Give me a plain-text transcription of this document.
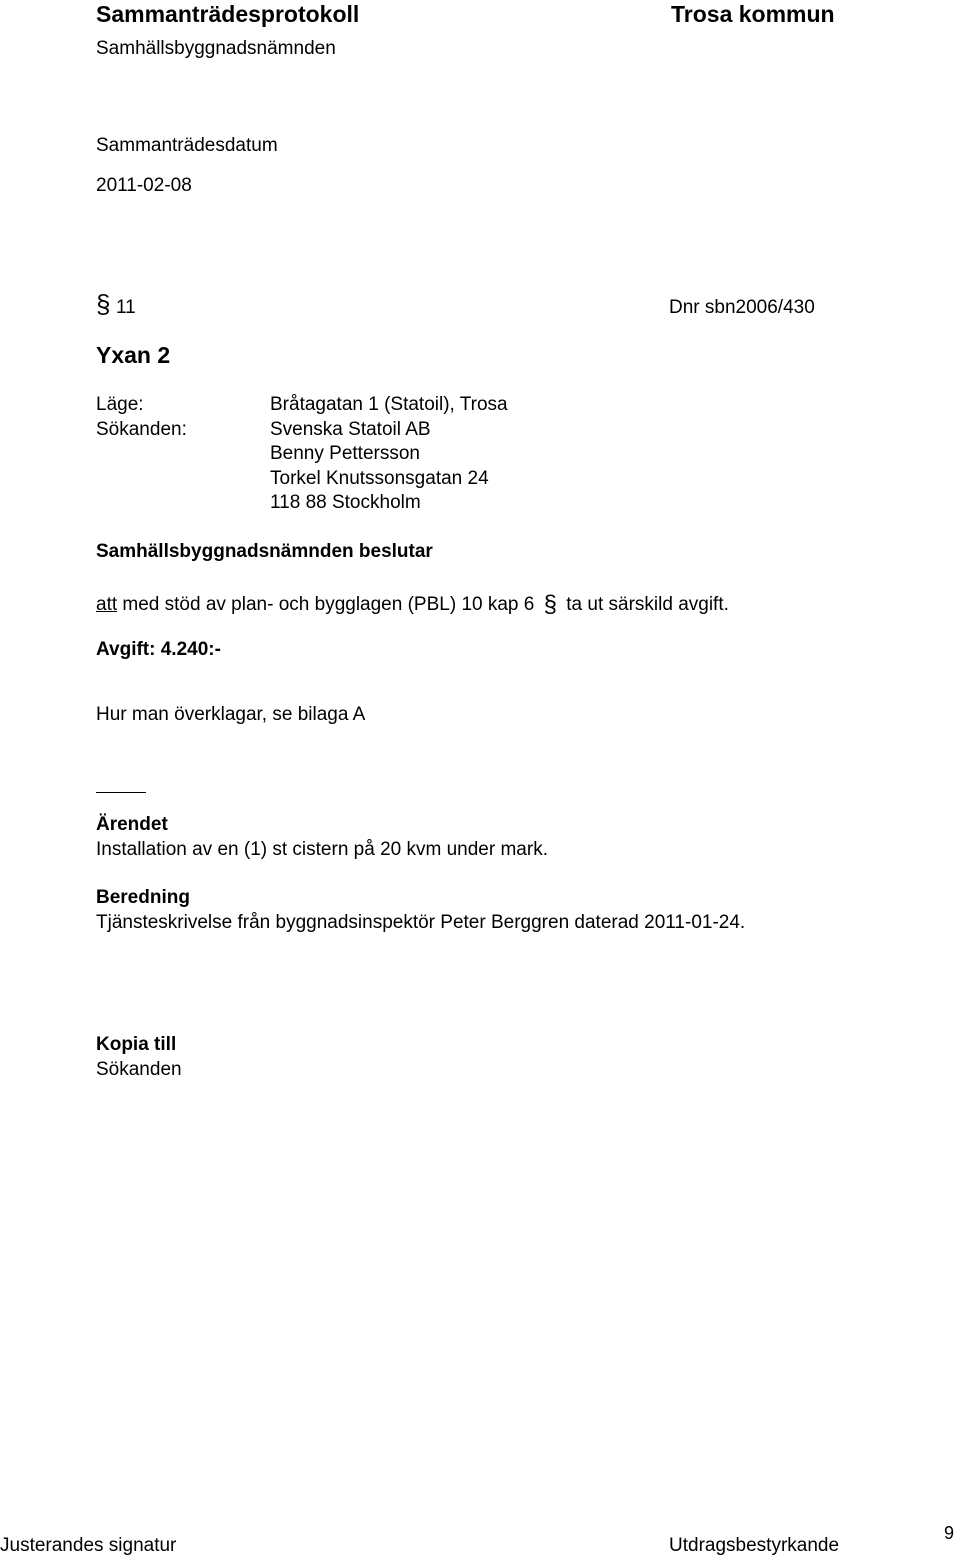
Sammanträdesprotokoll	Trosa kommun
Samhällsbyggnadsnämnden
Sammanträdesdatum
2011-02-08
§ 11	Dnr sbn2006/430
Yxan 2
Läge:	Bråtagatan 1 (Statoil), Trosa
Sökanden:	Svenska Statoil AB
Benny Pettersson
Torkel Knutssonsgatan 24
118 88 Stockholm
Samhällsbyggnadsnämnden beslutar
att med stöd av plan- och bygglagen (PBL) 10 kap 6 § ta ut särskild avgift.
Avgift: 4.240:-
Hur man överklagar, se bilaga A
Ärendet
Installation av en (1) st cistern på 20 kvm under mark.
Beredning
Tjänsteskrivelse från byggnadsinspektör Peter Berggren daterad 2011-01-24.
Kopia till
Sökanden
Justerandes signatur	Utdragsbestyrkande
9
